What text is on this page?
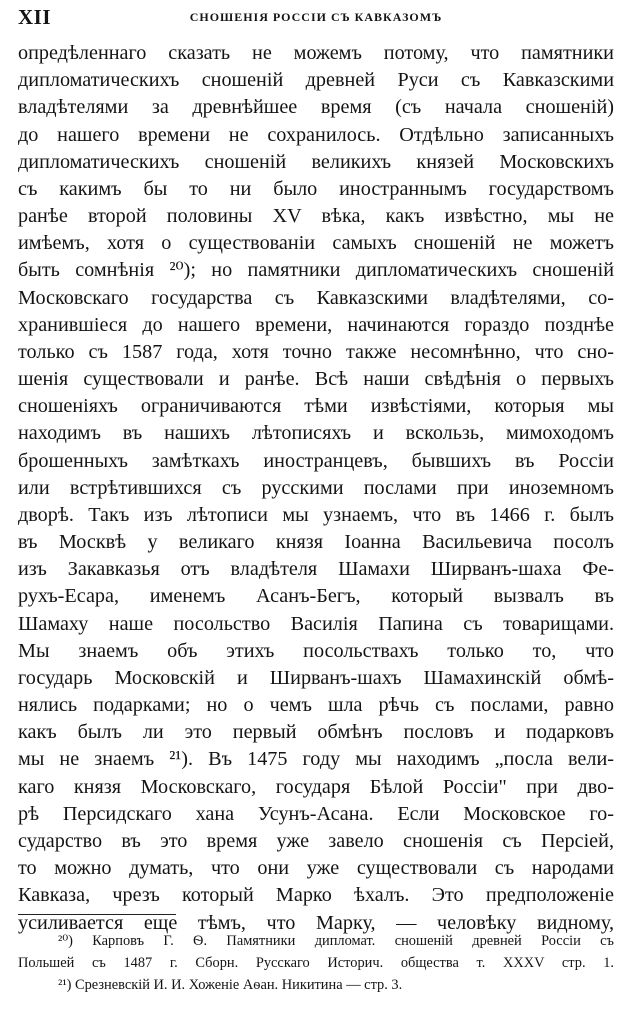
XII	СНОШЕНІЯ РОССІИ СЪ КАВКАЗОМЪ
опредѣленнаго сказать не можемъ потому, что памятники
дипломатическихъ сношеній древней Руси съ Кавказскими
владѣтелями за древнѣйшее время (съ начала сношеній)
до нашего времени не сохранилось. Отдѣльно записанныхъ
дипломатическихъ сношеній великихъ князей Московскихъ
съ какимъ бы то ни было иностраннымъ государствомъ
ранѣе второй половины XV вѣка, какъ извѣстно, мы не
имѣемъ, хотя о существованіи самыхъ сношеній не можетъ
быть сомнѣнія ²⁰); но памятники дипломатическихъ сношеній
Московскаго государства съ Кавказскими владѣтелями, со-
хранившіеся до нашего времени, начинаются гораздо позднѣе
только съ 1587 года, хотя точно также несомнѣнно, что сно-
шенія существовали и ранѣе. Всѣ наши свѣдѣнія о первыхъ
сношеніяхъ ограничиваются тѣми извѣстіями, которыя мы
находимъ въ нашихъ лѣтописяхъ и вскользь, мимоходомъ
брошенныхъ замѣткахъ иностранцевъ, бывшихъ въ Россіи
или встрѣтившихся съ русскими послами при иноземномъ
дворѣ. Такъ изъ лѣтописи мы узнаемъ, что въ 1466 г. былъ
въ Москвѣ у великаго князя Іоанна Васильевича посолъ
изъ Закавказья отъ владѣтеля Шамахи Ширванъ-шаха Фе-
рухъ-Есара, именемъ Асанъ-Бегъ, который вызвалъ въ
Шамаху наше посольство Василія Папина съ товарищами.
Мы знаемъ объ этихъ посольствахъ только то, что
государь Московскій и Ширванъ-шахъ Шамахинскій обмѣ-
нялись подарками; но о чемъ шла рѣчь съ послами, равно
какъ былъ ли это первый обмѣнъ пословъ и подарковъ
мы не знаемъ ²¹). Въ 1475 году мы находимъ „посла вели-
каго князя Московскаго, государя Бѣлой Россіи" при дво-
рѣ Персидскаго хана Усунъ-Асана. Если Московское го-
сударство въ это время уже завело сношенія съ Персіей,
то можно думать, что они уже существовали съ народами
Кавказа, чрезъ который Марко ѣхалъ. Это предположеніе
усиливается еще тѣмъ, что Марку, — человѣку видному,
²⁰) Карповъ Г. Ѳ. Памятники дипломат. сношеній древней Россіи съ
Польшей съ 1487 г. Сборн. Русскаго Историч. общества т. XXXV стр. 1.
²¹) Срезневскій И. И. Хоженіе Аѳан. Никитина — стр. 3.
